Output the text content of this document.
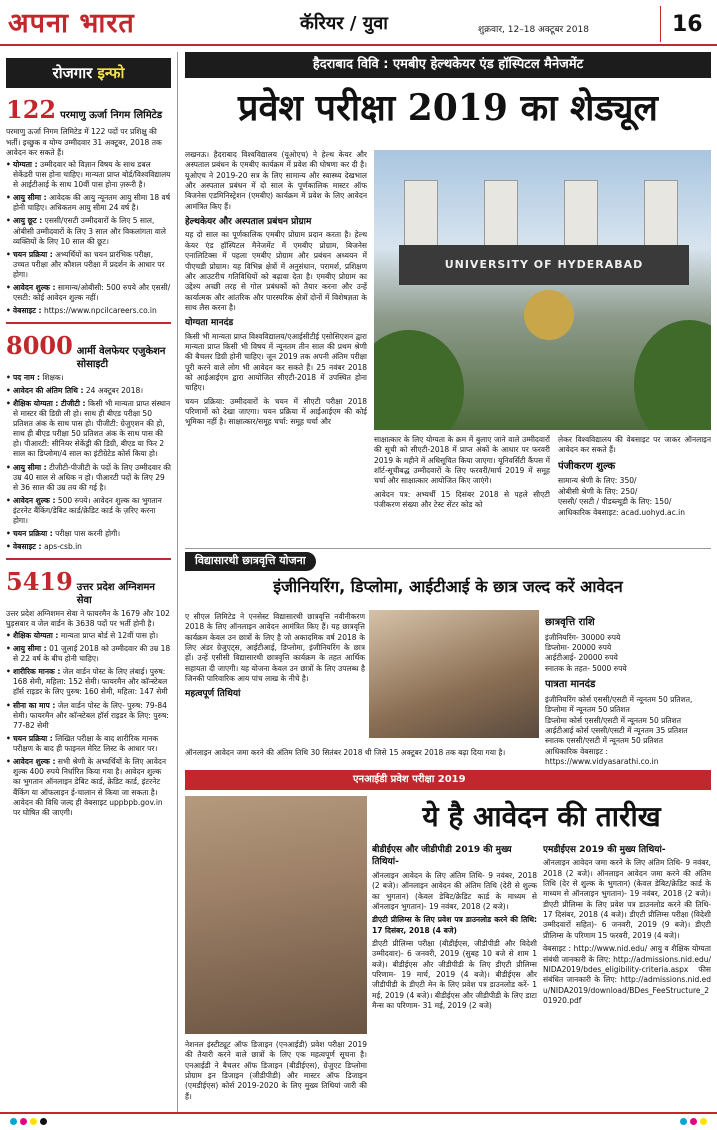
अपना भारत	कॅरियर / युवा	शुक्रवार, 12–18 अक्टूबर 2018	16
रोजगार इन्फो
122 परमाणु ऊर्जा निगम लिमिटेड

परमाणु ऊर्जा निगम लिमिटेड में 122 पदों पर प्रशिक्षु की भर्ती। इच्छुक व योग्य उम्मीदवार 31 अक्टूबर, 2018 तक आवेदन कर सकते हैं।

• योग्यता : उम्मीदवार को विज्ञान विषय के साथ डबल सेकेंडरी पास होना चाहिए। मान्यता प्राप्त बोर्ड/विश्वविद्यालय से आईटीआई के साथ 10वीं पास होना ज़रूरी है।
• आयु सीमा : आवेदक की आयु न्यूनतम आयु सीमा 18 वर्ष होनी चाहिए। अधिकतम आयु सीमा 24 वर्ष है।
• आयु छूट : एससी/एसटी उम्मीदवारों के लिए 5 साल, ओबीसी उम्मीदवारों के लिए 3 साल और विकलांगता वाले व्यक्तियों के लिए 10 साल की छूट।
• चयन प्रक्रिया : अभ्यर्थियों का चयन प्रारंभिक परीक्षा, उच्चत परीक्षा और कौशल परीक्षा में प्रदर्शन के आधार पर होगा।
• आवेदन शुल्क : सामान्य/ओबीसी: 500 रुपये और एससी/एसटी: कोई आवेदन शुल्क नहीं।
• वेबसाइट : https://www.npcilcareers.co.in
8000 आर्मी वेलफेयर एजुकेशन सोसाइटी
• पद नाम : शिक्षक।
• आवेदन की अंतिम तिथि : 24 अक्टूबर 2018।
• शैक्षिक योग्यता : टीजीटी : किसी भी मान्यता प्राप्त संस्थान से मास्टर की डिग्री ली हो। साथ ही बीएड परीक्षा 50 प्रतिशत अंक के साथ पास हो। पीजीटी: ग्रेजुएशन की हो, साथ ही बीएड परीक्षा 50 प्रतिशत अंक के साथ पास की हो। पीआरटी: सीनियर सेकेंड्री की डिग्री, बीएड या फिर 2 साल का डिप्लोमा/4 साल का इंटीग्रेटेड कोर्स किया हो।
• आयु सीमा : टीजीटी-पीजीटी के पदों के लिए उम्मीदवार की उम्र 40 साल से अधिक न हो। पीआरटी पदों के लिए 29 से 36 साल की उम्र तय की गई है।
• आवेदन शुल्क : 500 रुपये। आवेदन शुल्क का भुगतान इंटरनेट बैंकिंग/डेबिट कार्ड/क्रेडिट कार्ड के ज़रिए करना होगा।
• चयन प्रक्रिया : परीक्षा पास करनी होगी।
• वेबसाइट : aps-csb.in
5419 उत्तर प्रदेश अग्निशमन सेवा

उत्तर प्रदेश अग्निशमन सेवा ने फायरमैन के 1679 और 102 घुड़सवार व जेल वार्डन के 3638 पदों पर भर्ती होनी है।

• शैक्षिक योग्यता : मान्यता प्राप्त बोर्ड से 12वीं पास हो।
• आयु सीमा : 01 जुलाई 2018 को उम्मीदवार की उम्र 18 से 22 वर्ष के बीच होनी चाहिए।
• शारीरिक मानक : जेल वार्डन पोस्ट के लिए लंबाई। पुरुष: 168 सेमी, महिला: 152 सेमी। फायरमैन और कॉन्स्टेबल हॉर्स राइडर के लिए पुरुष: 160 सेमी, महिला: 147 सेमी
• सीना का माप : जेल वार्डन पोस्ट के लिए- पुरुष: 79-84 सेमी। फायरमैन और कॉन्स्टेबल हॉर्स राइडर के लिए: पुरुष: 77-82 सेमी
• चयन प्रक्रिया : लिखित परीक्षा के बाद शारीरिक मानक परीक्षण के बाद ही फाइनल मेरिट लिस्ट के आधार पर।
• आवेदन शुल्क : सभी श्रेणी के अभ्यर्थियों के लिए आवेदन शुल्क 400 रुपये निर्धारित किया गया है। आवेदन शुल्क का भुगतान ऑनलाइन डेबिट कार्ड, क्रेडिट कार्ड, इंटरनेट बैंकिंग या ऑफलाइन ई-चालान से किया जा सकता है। आवेदन की विधि जल्द ही वेबसाइट uppbpb.gov.in पर घोषित की जाएगी।
हैदराबाद विवि : एमबीए हेल्थकेयर एंड हॉस्पिटल मैनेजमेंट
प्रवेश परीक्षा 2019 का शेड्यूल

लखनऊ। हैदराबाद विश्वविद्यालय (यूओएच) ने हेल्थ केयर और अस्पताल प्रबंधन के एमबीए कार्यक्रम में प्रवेश की घोषणा कर दी है। यूओएच ने 2019-20 सत्र के लिए सामान्य और स्वास्थ्य देखभाल और अस्पताल प्रबंधन में दो साल के पूर्णकालिक मास्टर ऑफ बिजनेस एडमिनिस्ट्रेशन (एमबीए) कार्यक्रम में प्रवेश के लिए आवेदन आमंत्रित किए हैं।

हेल्थकेयर और अस्पताल प्रबंधन प्रोग्राम

यह दो साल का पूर्णकालिक एमबीए प्रोग्राम प्रदान करता है। हेल्थ केयर एंड हॉस्पिटल मैनेजमेंट में एमबीए प्रोग्राम, बिजनेस एनालिटिक्स में पहला एमबीए प्रोग्राम और प्रबंधन अध्ययन में पीएचडी प्रोग्राम। यह विभिन्न क्षेत्रों में अनुसंधान, परामर्श, प्रशिक्षण और आउटरीच गतिविधियों को बढ़ावा देता है। एमबीए प्रोग्राम का उद्देश्य अच्छी तरह से गोल प्रबंधकों को तैयार करना और उन्हें कार्यात्मक और आंतरिक और पारस्परिक क्षेत्रों दोनों में विशेषज्ञता के साथ लैस करना है।

योग्यता मानदंड

किसी भी मान्यता प्राप्त विश्वविद्यालय/एआईसीटीई एसोसिएशन द्वारा मान्यता प्राप्त किसी भी विषय में न्यूनतम तीन साल की प्रथम श्रेणी की बैचलर डिग्री होनी चाहिए। जून 2019 तक अपनी अंतिम परीक्षा पूरी करने वाले लोग भी आवेदन कर सकते हैं। 25 नवंबर 2018 को आईआईएम द्वारा आयोजित सीएटी-2018 में उपस्थित होना चाहिए।

चयन प्रक्रिया: उम्मीदवारों के चयन में सीएटी परीक्षा 2018 परिणामों को देखा जाएगा। चयन प्रक्रिया में आईआईएम की कोई भूमिका नहीं है। साक्षात्कार/समूह चर्चा: समूह चर्चा और

UNIVERSITY OF HYDERABAD

साक्षात्कार के लिए योग्यता के क्रम में बुलाए जाने वाले उम्मीदवारों की सूची को सीएटी-2018 में प्राप्त अंकों के आधार पर फरवरी 2019 के महीने में अधिसूचित किया जाएगा। यूनिवर्सिटी कैंपस में शॉर्ट-सूचीबद्ध उम्मीदवारों के लिए फरवरी/मार्च 2019 में समूह चर्चा और साक्षात्कार आयोजित किए जाएंगे।

आवेदन पत्र: अभ्यर्थी 15 दिसंबर 2018 से पहले सीएटी पंजीकरण संख्या और टेस्ट सेंटर कोड को

लेकर विश्वविद्यालय की वेबसाइट पर जाकर ऑनलाइन आवेदन कर सकते हैं।

पंजीकरण शुल्क
सामान्य श्रेणी के लिए: 350/
ओबीसी श्रेणी के लिए: 250/
एससी/ एसटी / पीडब्ल्यूडी के लिए: 150/
आधिकारिक वेबसाइट: acad.uohyd.ac.in
विद्यासारथी छात्रवृत्ति योजना
इंजीनियरिंग, डिप्लोमा, आईटीआई के छात्र जल्द करें आवेदन

ए सीएल लिमिटेड ने एनसेस्ट विद्यासारथी छात्रवृत्ति नवीनीकरण 2018 के लिए ऑनलाइन आवेदन आमंत्रित किए हैं। यह छात्रवृत्ति कार्यक्रम केवल उन छात्रों के लिए है जो अकादमिक वर्ष 2018 के लिए अंडर ग्रेजुएट्स, आईटीआई, डिप्लोमा, इंजीनियरिंग के छात्र हों। उन्हें एसीसी विद्यासारथी छात्रवृत्ति कार्यक्रम के तहत आर्थिक सहायता दी जाएगी। यह योजना केवल उन छात्रों के लिए उपलब्ध है जिनकी पारिवारिक आय पांच लाख के नीचे है।

महत्वपूर्ण तिथियां

ऑनलाइन आवेदन जमा करने की अंतिम तिथि 30 सितंबर 2018 थी जिसे 15 अक्टूबर 2018 तक बढ़ा दिया गया है।

छात्रवृत्ति राशि
इंजीनियरिंग- 30000 रुपये
डिप्लोमा- 20000 रुपये
आईटीआई- 20000 रुपये
स्नातक के तहत- 5000 रुपये
पात्रता मानदंड
इंजीनियरिंग कोर्स एससी/एसटी में न्यूनतम 50 प्रतिशत, डिप्लोमा में न्यूनतम 50 प्रतिशत
डिप्लोमा कोर्स एससी/एसटी में न्यूनतम 50 प्रतिशत
आईटीआई कोर्स एससी/एसटी में न्यूनतम 35 प्रतिशत
स्नातक एससी/एसटी में न्यूनतम 50 प्रतिशत
आधिकारिक वेबसाइट : https://www.vidyasarathi.co.in
एनआईडी प्रवेश परीक्षा 2019
ये है आवेदन की तारीख

नेशनल इंस्टीट्यूट ऑफ डिजाइन (एनआईडी) प्रवेश परीक्षा 2019 की तैयारी करने वाले छात्रों के लिए एक महत्वपूर्ण सूचना है। एनआईडी ने बैचलर ऑफ डिजाइन (बीडीईएस), ग्रेजुएट डिप्लोमा प्रोग्राम इन डिजाइन (जीडीपीडी) और मास्टर ऑफ डिजाइन (एमडीईएस) कोर्स 2019-2020 के लिए मुख्य तिथियां जारी की हैं।

बीडीईएस और जीडीपीडी 2019 की मुख्य तिथियां-

ऑनलाइन आवेदन के लिए अंतिम तिथि- 9 नवंबर, 2018 (2 बजे)। ऑनलाइन आवेदन की अंतिम तिथि (देरी से शुल्क का भुगतान) (केवल डेबिट/क्रेडिट कार्ड के माध्यम से ऑनलाइन भुगतान)- 19 नवंबर, 2018 (2 बजे)।

डीएटी प्रीलिम्स के लिए प्रवेश पत्र डाउनलोड करने की तिथि: 17 दिसंबर, 2018 (4 बजे)

डीएटी प्रीलिम्स परीक्षा (बीडीईएस, जीडीपीडी और विदेशी उम्मीदवार)- 6 जनवरी, 2019 (सुबह 10 बजे से शाम 1 बजे)। बीडीईएस और जीडीपीडी के लिए डीएटी प्रीलिम्स परिणाम- 19 मार्च, 2019 (4 बजे)। बीडीईएस और जीडीपीडी के डीएटी मेन के लिए प्रवेश पत्र डाउनलोड करें- 1 मई, 2019 (4 बजे)। बीडीईएस और जीडीपीडी के लिए डाटा मैन्स का परिणाम- 31 मई, 2019 (2 बजे)

एमडीईएस 2019 की मुख्य तिथियां-

ऑनलाइन आवेदन जमा करने के लिए अंतिम तिथि- 9 नवंबर, 2018 (2 बजे)। ऑनलाइन आवेदन जमा करने की अंतिम तिथि (देर से शुल्क के भुगतान) (केवल डेबिट/क्रेडिट कार्ड के माध्यम से ऑनलाइन भुगतान)- 19 नवंबर, 2018 (2 बजे)। डीएटी प्रीलिम्स के लिए प्रवेश पत्र डाउनलोड करने की तिथि- 17 दिसंबर, 2018 (4 बजे)। डीएटी प्रीलिम्स परीक्षा (विदेशी उम्मीदवारों सहित)- 6 जनवरी, 2019 (9 बजे)। डीएटी प्रीलिम्स के परिणाम 15 फरवरी, 2019 (4 बजे)।

वेबसाइट : http://www.nid.edu/ आयु व शैक्षिक योग्यता संबंधी जानकारी के लिए: http://admissions.nid.edu/NIDA2019/bdes_eligibility-criteria.aspx फीस संबंधित जानकारी के लिए: http://admissions.nid.edu/NIDA2019/download/BDes_FeeStructure_201920.pdf
